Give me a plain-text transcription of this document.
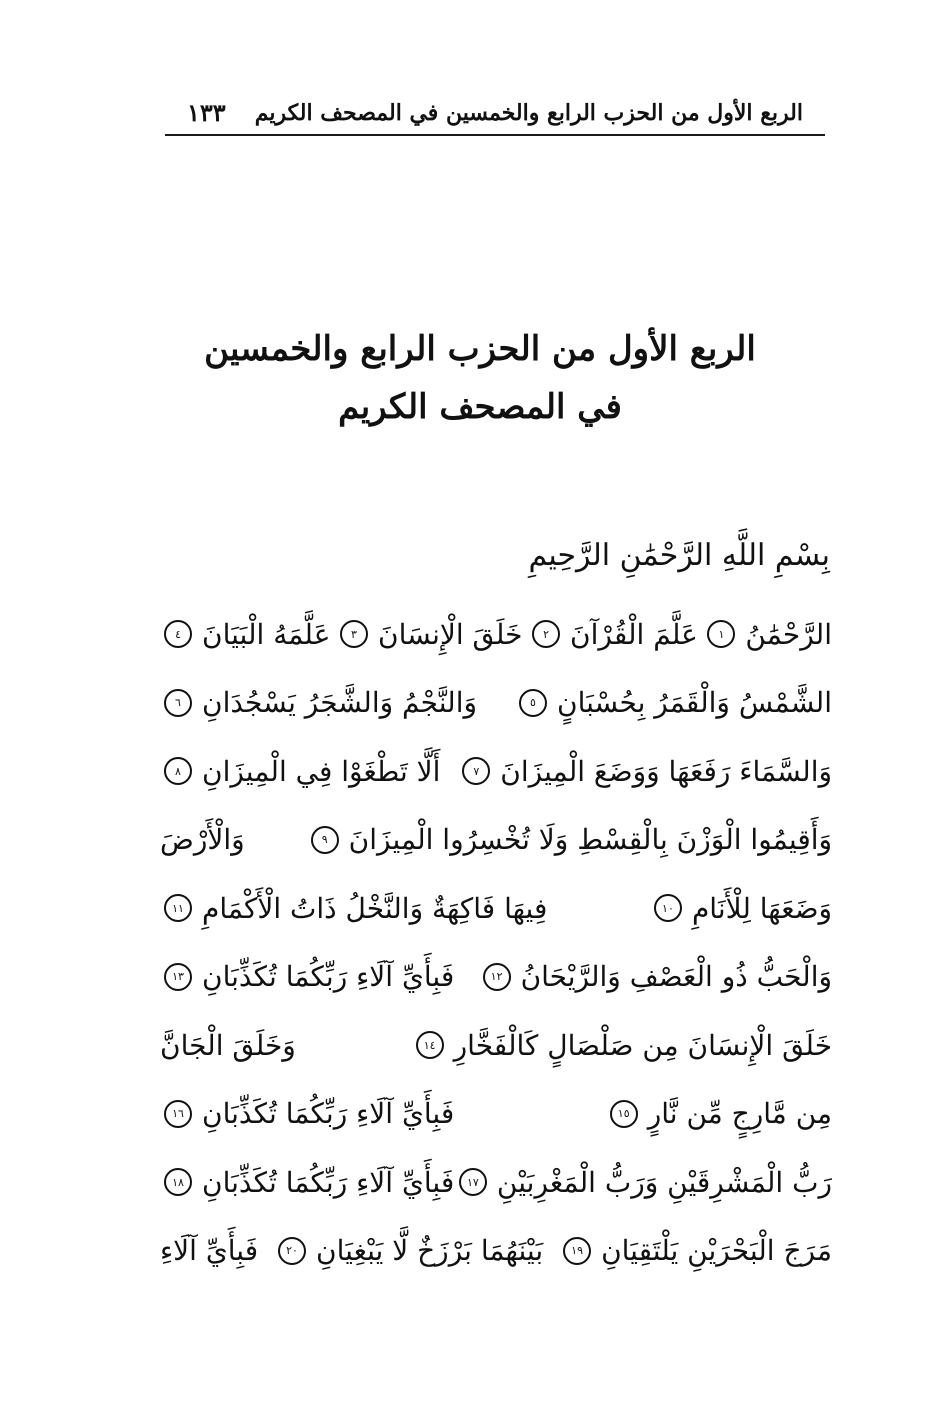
الربع الأول من الحزب الرابع والخمسين في المصحف الكريم
١٣٣
الربع الأول من الحزب الرابع والخمسين
في المصحف الكريم
بِسْمِ اللَّهِ الرَّحْمَٰنِ الرَّحِيمِ
الرَّحْمَٰنُ
١
عَلَّمَ الْقُرْآنَ
٢
خَلَقَ الْإِنسَانَ
٣
عَلَّمَهُ الْبَيَانَ
٤
الشَّمْسُ وَالْقَمَرُ بِحُسْبَانٍ
٥
وَالنَّجْمُ وَالشَّجَرُ يَسْجُدَانِ
٦
وَالسَّمَاءَ رَفَعَهَا وَوَضَعَ الْمِيزَانَ
٧
أَلَّا تَطْغَوْا فِي الْمِيزَانِ
٨
وَأَقِيمُوا الْوَزْنَ بِالْقِسْطِ وَلَا تُخْسِرُوا الْمِيزَانَ
٩
وَالْأَرْضَ
وَضَعَهَا لِلْأَنَامِ
١٠
فِيهَا فَاكِهَةٌ وَالنَّخْلُ ذَاتُ الْأَكْمَامِ
١١
وَالْحَبُّ ذُو الْعَصْفِ وَالرَّيْحَانُ
١٢
فَبِأَيِّ آلَاءِ رَبِّكُمَا تُكَذِّبَانِ
١٣
خَلَقَ الْإِنسَانَ مِن صَلْصَالٍ كَالْفَخَّارِ
١٤
وَخَلَقَ الْجَانَّ
مِن مَّارِجٍ مِّن نَّارٍ
١٥
فَبِأَيِّ آلَاءِ رَبِّكُمَا تُكَذِّبَانِ
١٦
رَبُّ الْمَشْرِقَيْنِ وَرَبُّ الْمَغْرِبَيْنِ
١٧
فَبِأَيِّ آلَاءِ رَبِّكُمَا تُكَذِّبَانِ
١٨
مَرَجَ الْبَحْرَيْنِ يَلْتَقِيَانِ
١٩
بَيْنَهُمَا بَرْزَخٌ لَّا يَبْغِيَانِ
٢٠
فَبِأَيِّ آلَاءِ
